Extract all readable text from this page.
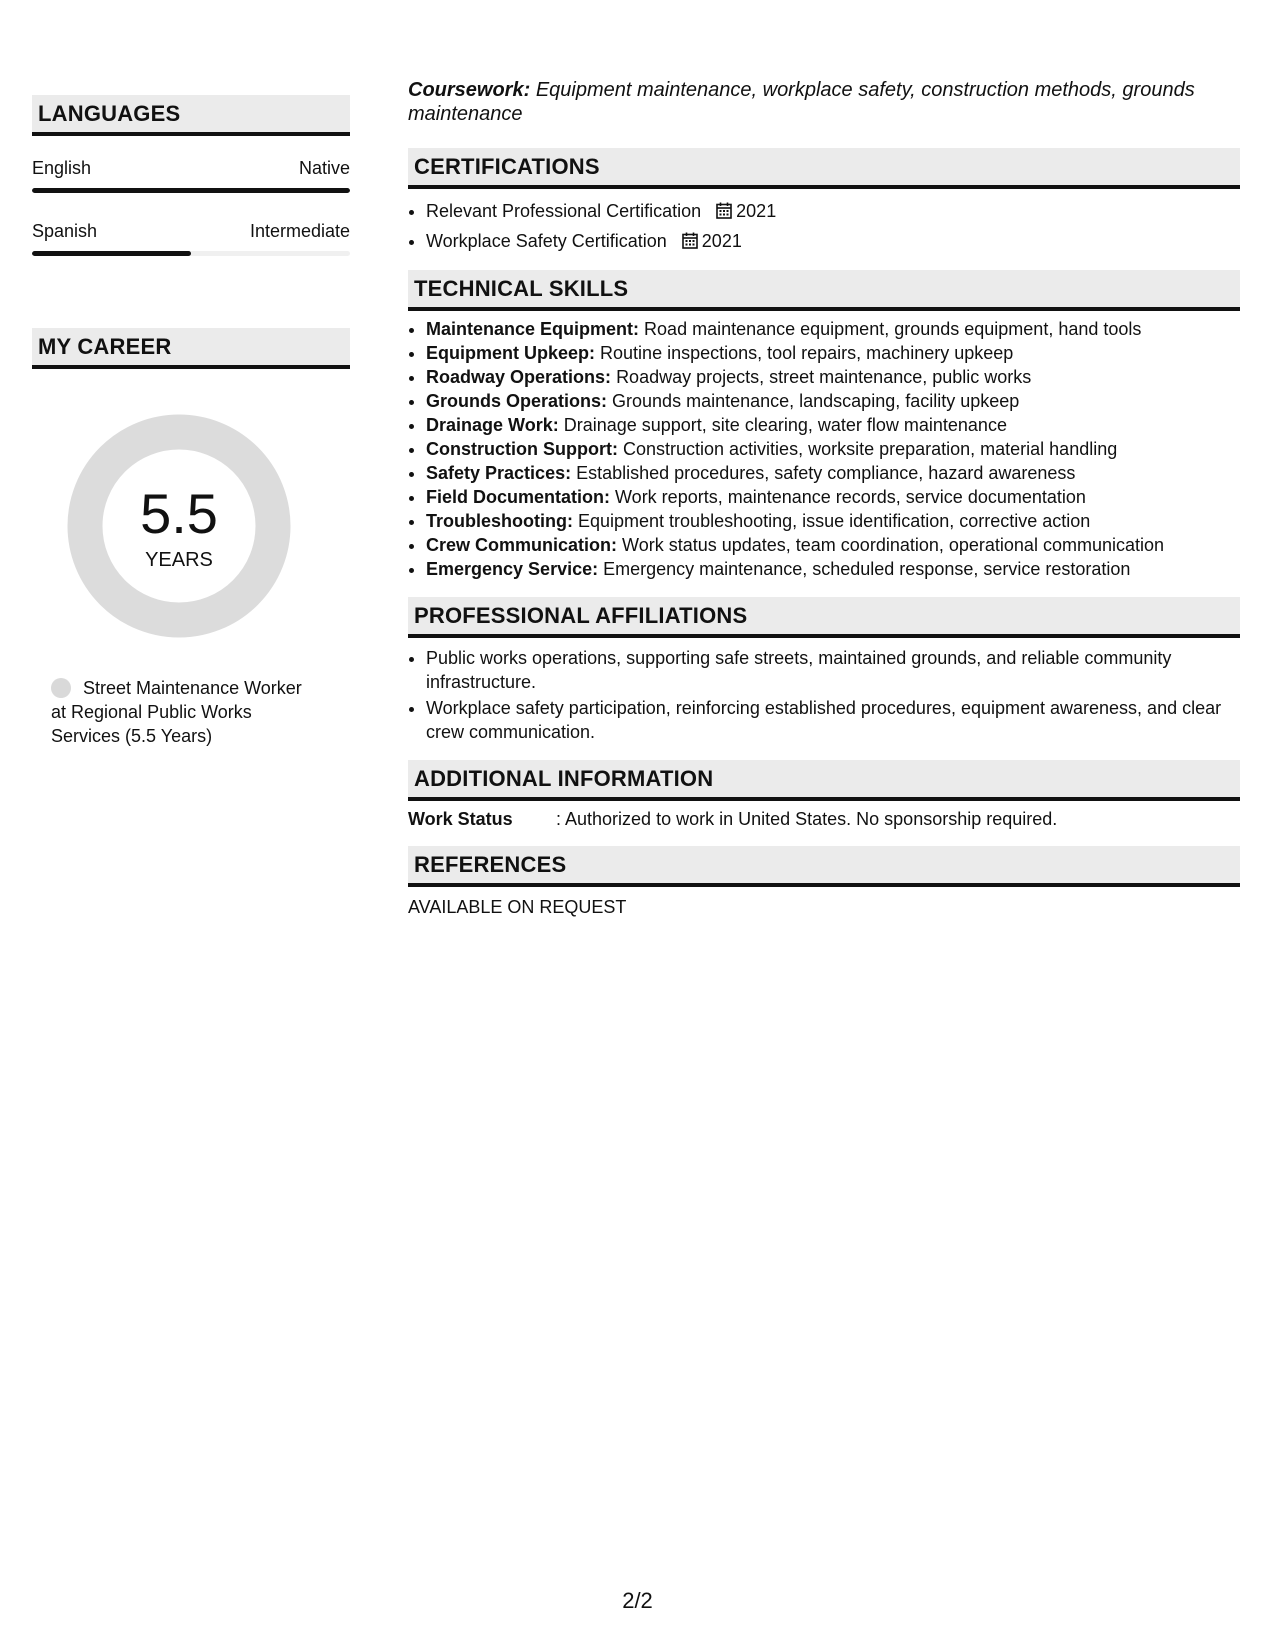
LANGUAGES
English	Native
Spanish	Intermediate
MY CAREER
5.5
YEARS
Street Maintenance Worker at Regional Public Works Services (5.5 Years)
Coursework: Equipment maintenance, workplace safety, construction methods, grounds maintenance
CERTIFICATIONS
• Relevant Professional Certification 2021
• Workplace Safety Certification 2021
TECHNICAL SKILLS
• Maintenance Equipment: Road maintenance equipment, grounds equipment, hand tools
• Equipment Upkeep: Routine inspections, tool repairs, machinery upkeep
• Roadway Operations: Roadway projects, street maintenance, public works
• Grounds Operations: Grounds maintenance, landscaping, facility upkeep
• Drainage Work: Drainage support, site clearing, water flow maintenance
• Construction Support: Construction activities, worksite preparation, material handling
• Safety Practices: Established procedures, safety compliance, hazard awareness
• Field Documentation: Work reports, maintenance records, service documentation
• Troubleshooting: Equipment troubleshooting, issue identification, corrective action
• Crew Communication: Work status updates, team coordination, operational communication
• Emergency Service: Emergency maintenance, scheduled response, service restoration
PROFESSIONAL AFFILIATIONS
• Public works operations, supporting safe streets, maintained grounds, and reliable community infrastructure.
• Workplace safety participation, reinforcing established procedures, equipment awareness, and clear crew communication.
ADDITIONAL INFORMATION
Work Status	: Authorized to work in United States. No sponsorship required.
REFERENCES
AVAILABLE ON REQUEST
2/2
